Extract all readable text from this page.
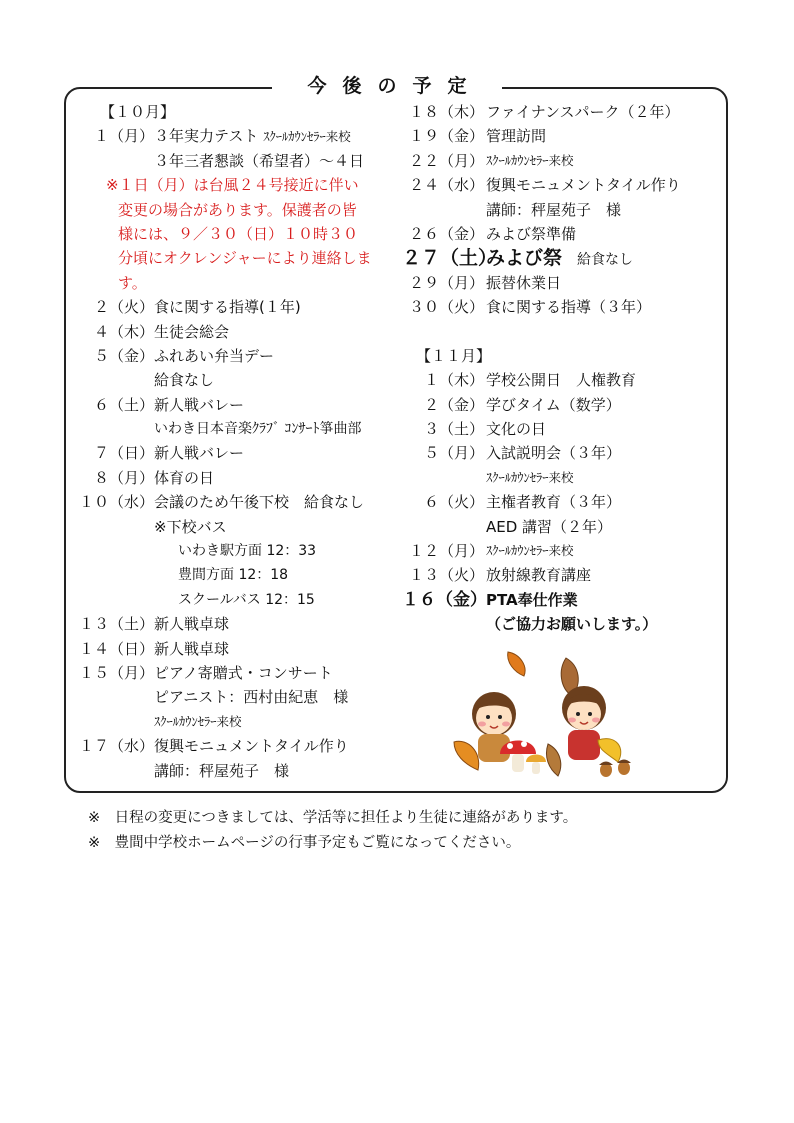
今後の予定
【１０月】
１（月） ３年実力テスト ｽｸｰﾙｶｳﾝｾﾗｰ来校
３年三者懇談（希望者）～４日
※１日（月）は台風２４号接近に伴い
変更の場合があります。保護者の皆
様には、９／３０（日）１０時３０
分頃にオクレンジャーにより連絡しま
す。
２（火） 食に関する指導(１年)
４（木） 生徒会総会
５（金） ふれあい弁当デー
給食なし
６（土） 新人戦バレー
いわき日本音楽ｸﾗﾌﾞ ｺﾝｻｰﾄ箏曲部
７（日） 新人戦バレー
８（月） 体育の日
１０（水） 会議のため午後下校　給食なし
※下校バス
いわき駅方面 12：33
豊間方面 12：18
スクールバス 12：15
１３（土） 新人戦卓球
１４（日） 新人戦卓球
１５（月） ピアノ寄贈式・コンサート
ピアニスト：西村由紀恵　様
ｽｸｰﾙｶｳﾝｾﾗｰ来校
１７（水） 復興モニュメントタイル作り
講師：秤屋苑子　様
１８（木） ファイナンスパーク（２年）
１９（金） 管理訪問
２２（月） ｽｸｰﾙｶｳﾝｾﾗｰ来校
２４（水） 復興モニュメントタイル作り
講師：秤屋苑子　様
２６（金） みよび祭準備
２７（土）
みよび祭　 給食なし
２９（月） 振替休業日
３０（火） 食に関する指導（３年）
【１１月】
１（木） 学校公開日　人権教育
２（金） 学びタイム（数学）
３（土） 文化の日
５（月） 入試説明会（３年）
ｽｸｰﾙｶｳﾝｾﾗｰ来校
６（火） 主権者教育（３年）
AED 講習（２年）
１２（月） ｽｸｰﾙｶｳﾝｾﾗｰ来校
１３（火） 放射線教育講座
１６（金） PTA奉仕作業
（ご協力お願いします。）
※　日程の変更につきましては、学活等に担任より生徒に連絡があります。
※　豊間中学校ホームページの行事予定もご覧になってください。
